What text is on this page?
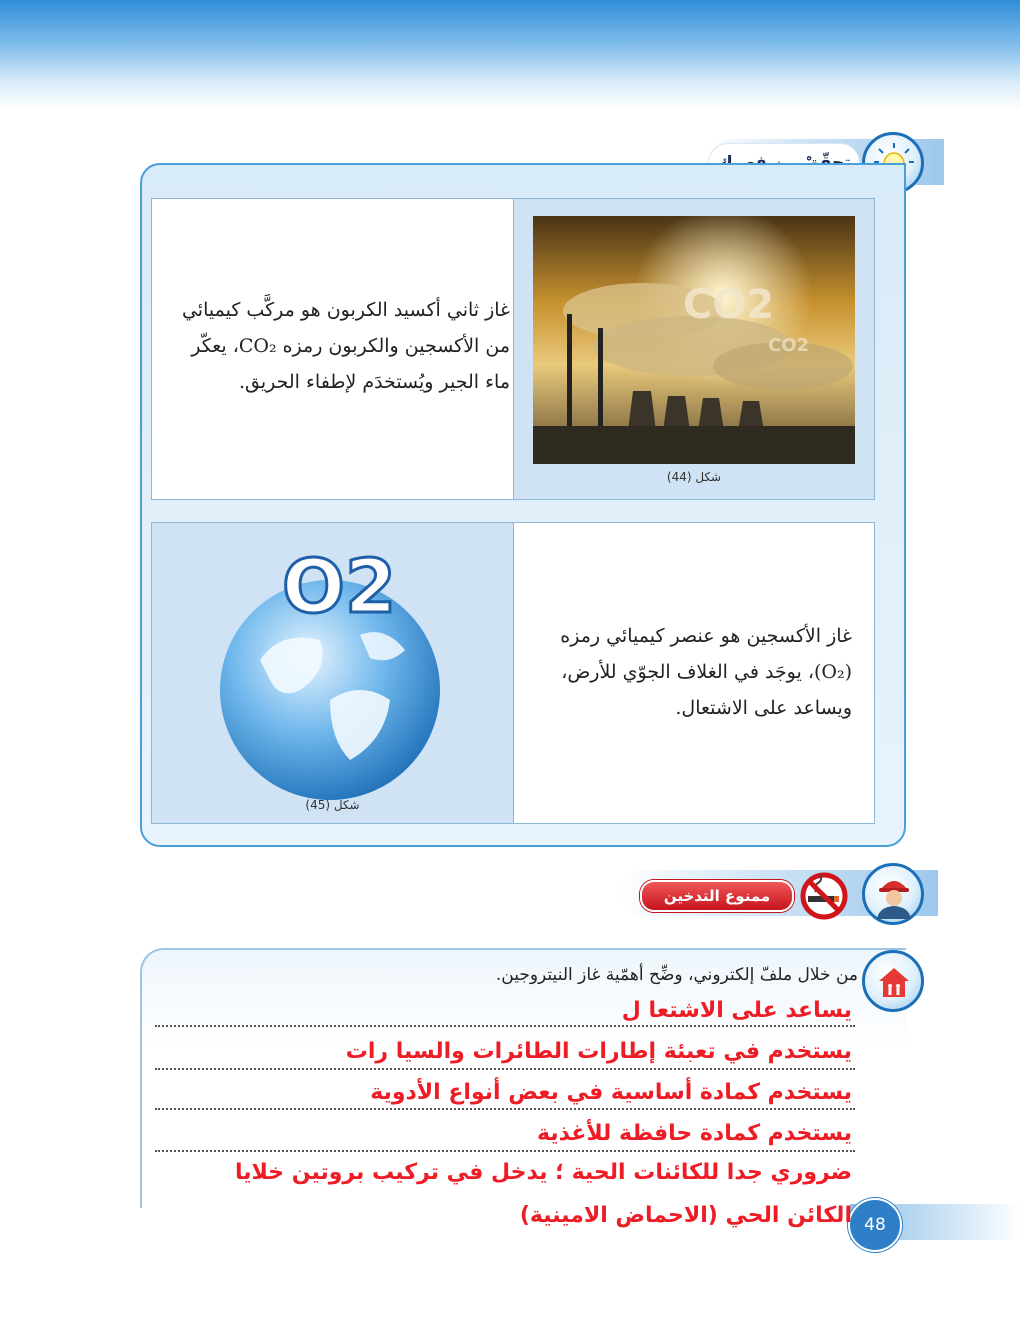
غاز ثاني أكسيد الكربون هو مركَّب كيميائي
من الأكسجين والكربون رمزه CO₂، يعكّر
ماء الجير ويُستخدَم لإطفاء الحريق.
CO2
CO2
شكل (44)
O2
شكل (45)
غاز الأكسجين هو عنصر كيميائي رمزه
(O₂)، يوجَد في الغلاف الجوّي للأرض،
ويساعد على الاشتعال.
ممنوع التدخين
من خلال ملفّ إلكتروني، وضِّح أهمّية غاز النيتروجين.
يساعد على الاشتعا ل
يستخدم في تعبئة إطارات الطائرات والسيا رات
يستخدم كمادة أساسية في بعض أنواع الأدوية
يستخدم كمادة حافظة للأغذية
ضروري جدا للكائنات الحية ؛ يدخل في تركيب بروتين خلايا
48
الكائن الحي (الاحماض الامينية)
